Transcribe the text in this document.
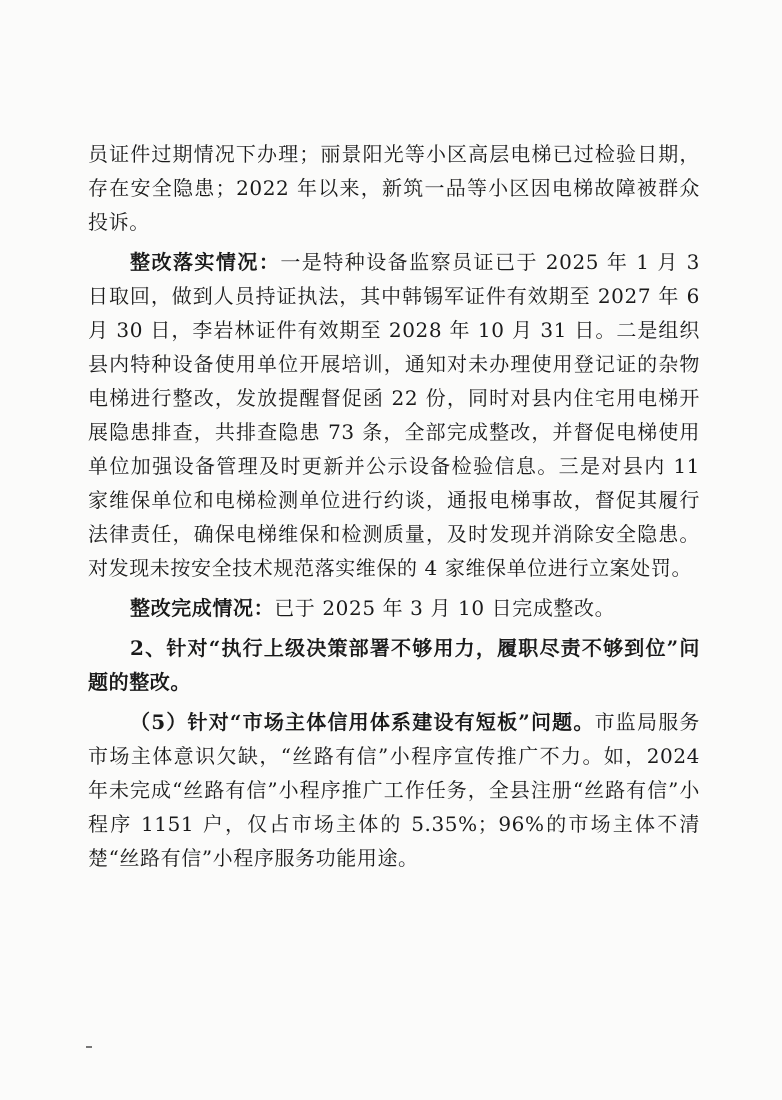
员证件过期情况下办理；丽景阳光等小区高层电梯已过检验日期，存在安全隐患；2022 年以来，新筑一品等小区因电梯故障被群众投诉。

整改落实情况：一是特种设备监察员证已于 2025 年 1 月 3 日取回，做到人员持证执法，其中韩锡军证件有效期至 2027 年 6 月 30 日，李岩林证件有效期至 2028 年 10 月 31 日。二是组织县内特种设备使用单位开展培训，通知对未办理使用登记证的杂物电梯进行整改，发放提醒督促函 22 份，同时对县内住宅用电梯开展隐患排查，共排查隐患 73 条，全部完成整改，并督促电梯使用单位加强设备管理及时更新并公示设备检验信息。三是对县内 11 家维保单位和电梯检测单位进行约谈，通报电梯事故，督促其履行法律责任，确保电梯维保和检测质量，及时发现并消除安全隐患。对发现未按安全技术规范落实维保的 4 家维保单位进行立案处罚。

整改完成情况：已于 2025 年 3 月 10 日完成整改。

2、针对“执行上级决策部署不够用力，履职尽责不够到位”问题的整改。

（5）针对“市场主体信用体系建设有短板”问题。市监局服务市场主体意识欠缺，“丝路有信”小程序宣传推广不力。如，2024 年未完成“丝路有信”小程序推广工作任务，全县注册“丝路有信”小程序 1151 户，仅占市场主体的 5.35%；96%的市场主体不清楚“丝路有信”小程序服务功能用途。
